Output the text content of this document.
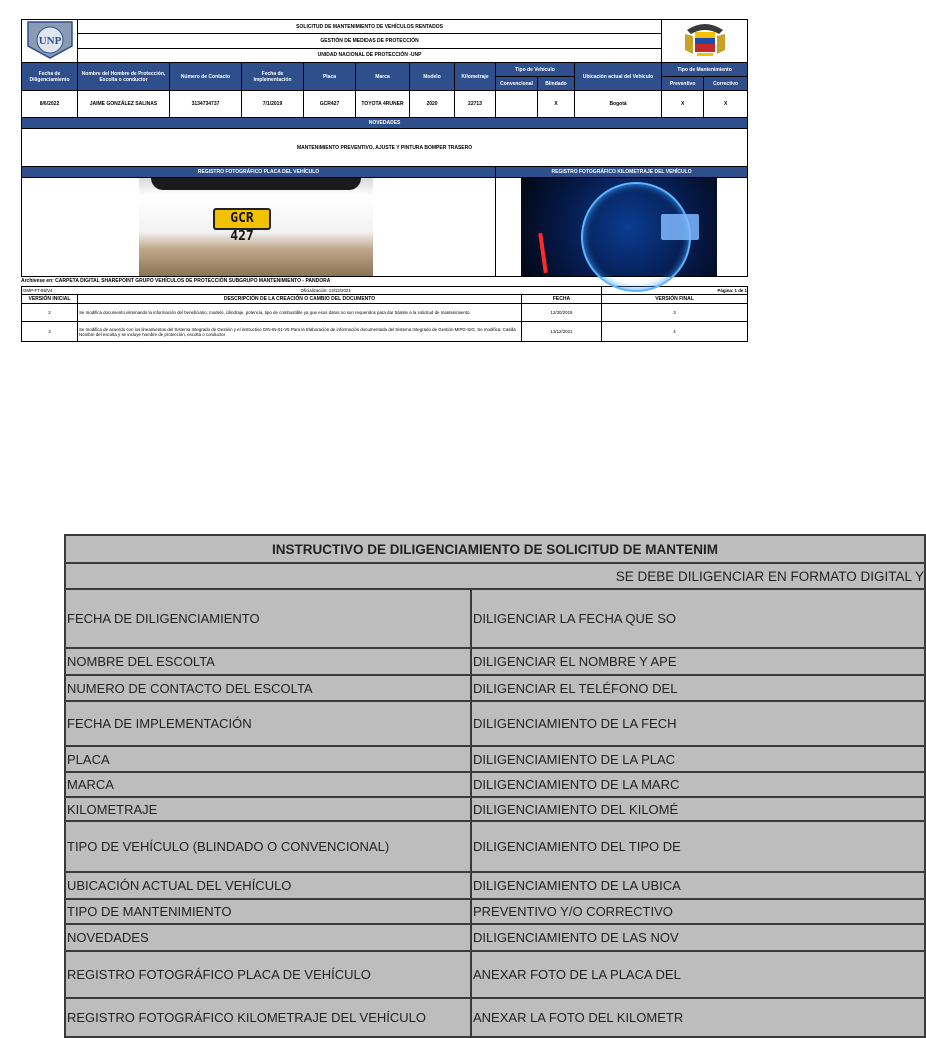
UNP	SOLICITUD DE MANTENIMIENTO DE VEHÍCULOS RENTADOS	
	GESTIÓN DE MEDIDAS DE PROTECCIÓN											
	UNIDAD NACIONAL DE PROTECCIÓN -UNP											
Fecha de Diligenciamiento	Nombre del Hombre de Protección, Escolta o conductor	Número de Contacto	Fecha de Implementación	Placa	Marca	Modelo	Kilometraje	Tipo de Vehículo		Ubicación actual del Vehículo	Tipo de Mantenimiento	
								Convencional	Blindado		Preventivo	Correctivo
8/6/2022	JAIME GONZÁLEZ SALINAS	3134734737	7/1/2019	GCR427	TOYOTA 4RUNER	2020	22713		X	Bogotá	X	X
NOVEDADES												
MANTENIMIENTO PREVENTIVO, AJUSTE Y PINTURA BOMPER TRASERO												
REGISTRO FOTOGRÁFICO PLACA DEL VEHÍCULO								REGISTRO FOTOGRÁFICO KILOMETRAJE DEL VEHÍCULO				

GCR 427												

Archívese en: CARPETA DIGITAL SHAREPOINT GRUPO VEHÍCULOS DE PROTECCIÓN SUBGRUPO MANTENIMIENTO - PANDORA
GMP-FT-95/V4		Oficialización: 13/12/2021		Página: 1 de 1
VERSIÓN INICIAL	DESCRIPCIÓN DE LA CREACIÓN O CAMBIO DEL DOCUMENTO		FECHA	VERSIÓN FINAL
2	Se modifica documento eliminando la información del beneficiario, modelo, cilindraje, potencia, tipo de combustible ya que esos datos no son requeridos para dar trámite a la solicitud de mantenimiento.		12/30/2019	3
3	Se modifica de acuerdo con los lineamientos del Sistema Integrado de Gestión y el instructivo GIN-IN-01-V5 Para la Elaboración de información documentada del Sistema Integrado de Gestión MIPG-SIG. Se modifica: Casilla Nombre del escolta y se incluye hombre de protección, escolta o conductor		13/12/2021	4
INSTRUCTIVO DE DILIGENCIAMIENTO DE SOLICITUD DE MANTENIM	
SE DEBE DILIGENCIAR EN FORMATO DIGITAL Y	
FECHA DE DILIGENCIAMIENTO	DILIGENCIAR LA FECHA QUE SO
NOMBRE DEL ESCOLTA	DILIGENCIAR EL NOMBRE Y APE
NUMERO DE CONTACTO DEL ESCOLTA	DILIGENCIAR EL TELÉFONO DEL
FECHA DE IMPLEMENTACIÓN	DILIGENCIAMIENTO DE LA FECH
PLACA	DILIGENCIAMIENTO DE LA PLAC
MARCA	DILIGENCIAMIENTO DE LA MARC
KILOMETRAJE	DILIGENCIAMIENTO DEL KILOMÉ
TIPO DE VEHÍCULO (BLINDADO O CONVENCIONAL)	DILIGENCIAMIENTO DEL TIPO DE
UBICACIÓN ACTUAL DEL VEHÍCULO	DILIGENCIAMIENTO DE LA UBICA
TIPO DE MANTENIMIENTO	PREVENTIVO Y/O CORRECTIVO
NOVEDADES	DILIGENCIAMIENTO DE LAS NOV
REGISTRO FOTOGRÁFICO PLACA DE VEHÍCULO	ANEXAR FOTO DE LA PLACA DEL
REGISTRO FOTOGRÁFICO KILOMETRAJE DEL VEHÍCULO	ANEXAR LA FOTO DEL KILOMETR
